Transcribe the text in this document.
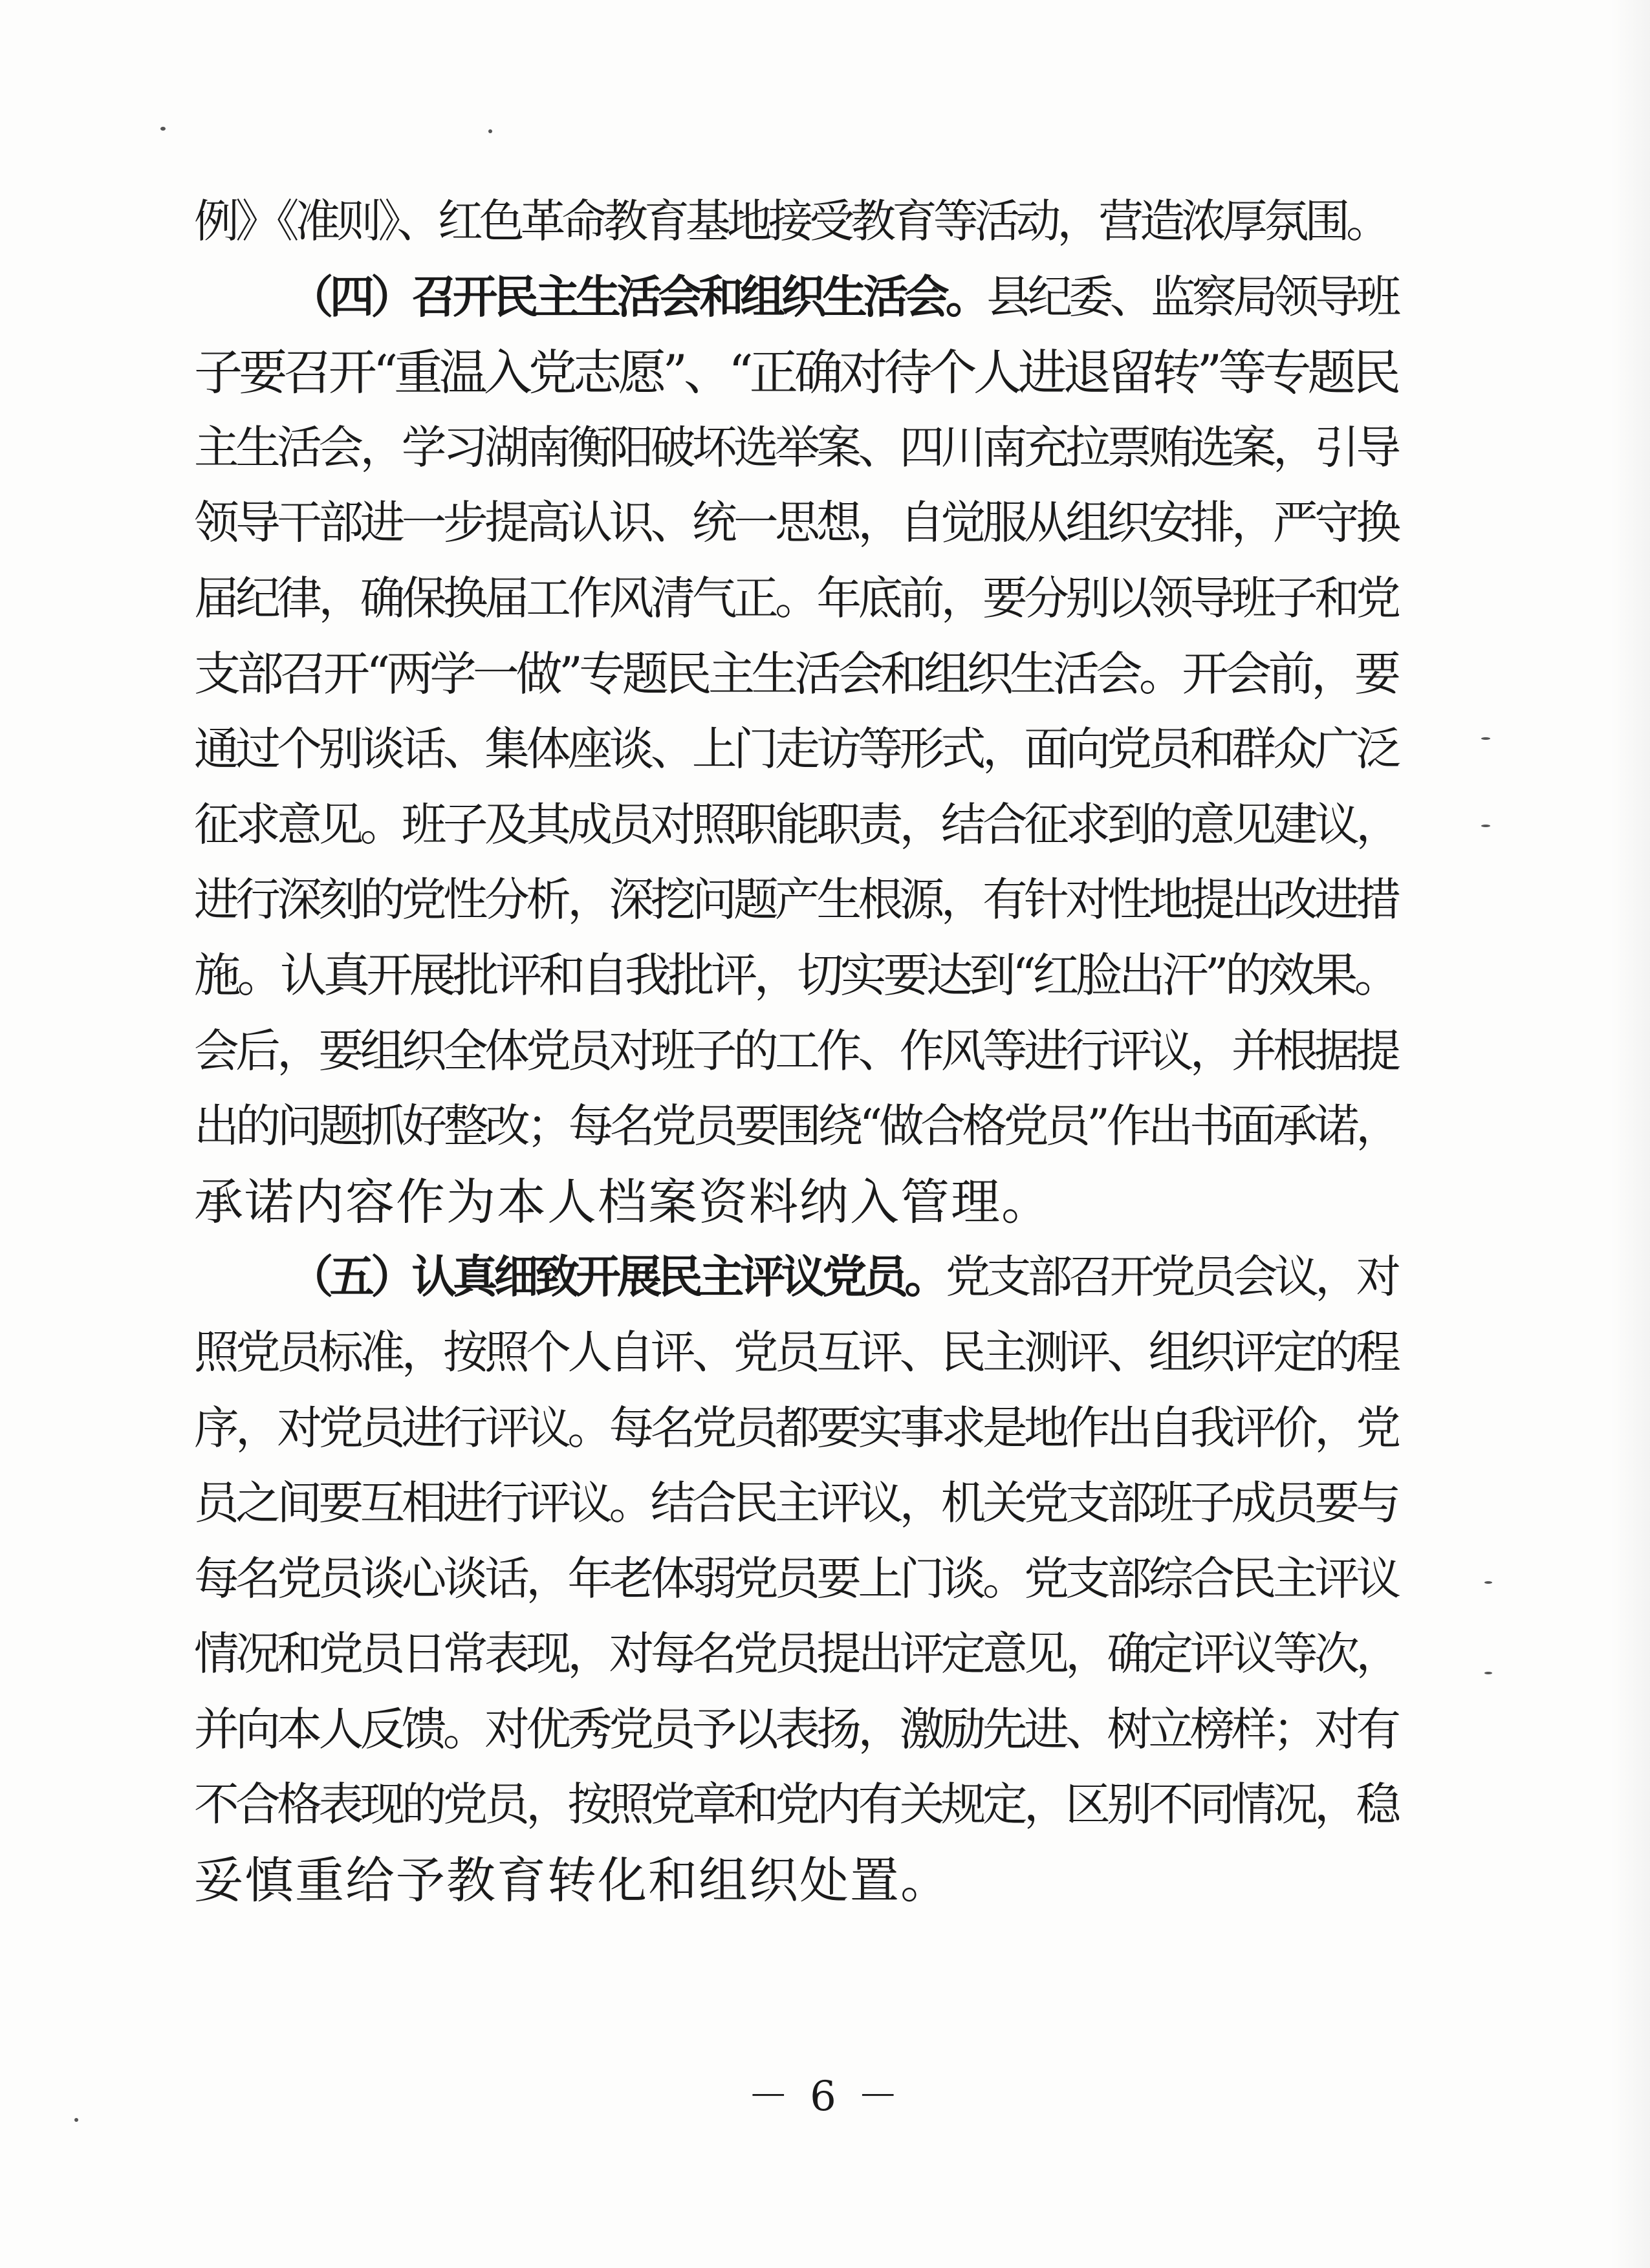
例》《准则》、红色革命教育基地接受教育等活动，营造浓厚氛围。
（四）召开民主生活会和组织生活会。县纪委、监察局领导班
子要召开“重温入党志愿”、“正确对待个人进退留转”等专题民
主生活会，学习湖南衡阳破坏选举案、四川南充拉票贿选案，引导
领导干部进一步提高认识、统一思想，自觉服从组织安排，严守换
届纪律，确保换届工作风清气正。年底前，要分别以领导班子和党
支部召开“两学一做”专题民主生活会和组织生活会。开会前，要
通过个别谈话、集体座谈、上门走访等形式，面向党员和群众广泛
征求意见。班子及其成员对照职能职责，结合征求到的意见建议，
进行深刻的党性分析，深挖问题产生根源，有针对性地提出改进措
施。认真开展批评和自我批评，切实要达到“红脸出汗”的效果。
会后，要组织全体党员对班子的工作、作风等进行评议，并根据提
出的问题抓好整改；每名党员要围绕“做合格党员”作出书面承诺，
承诺内容作为本人档案资料纳入管理。
（五）认真细致开展民主评议党员。党支部召开党员会议，对
照党员标准，按照个人自评、党员互评、民主测评、组织评定的程
序，对党员进行评议。每名党员都要实事求是地作出自我评价，党
员之间要互相进行评议。结合民主评议，机关党支部班子成员要与
每名党员谈心谈话，年老体弱党员要上门谈。党支部综合民主评议
情况和党员日常表现，对每名党员提出评定意见，确定评议等次，
并向本人反馈。对优秀党员予以表扬，激励先进、树立榜样；对有
不合格表现的党员，按照党章和党内有关规定，区别不同情况，稳
妥慎重给予教育转化和组织处置。
－ 6 －
